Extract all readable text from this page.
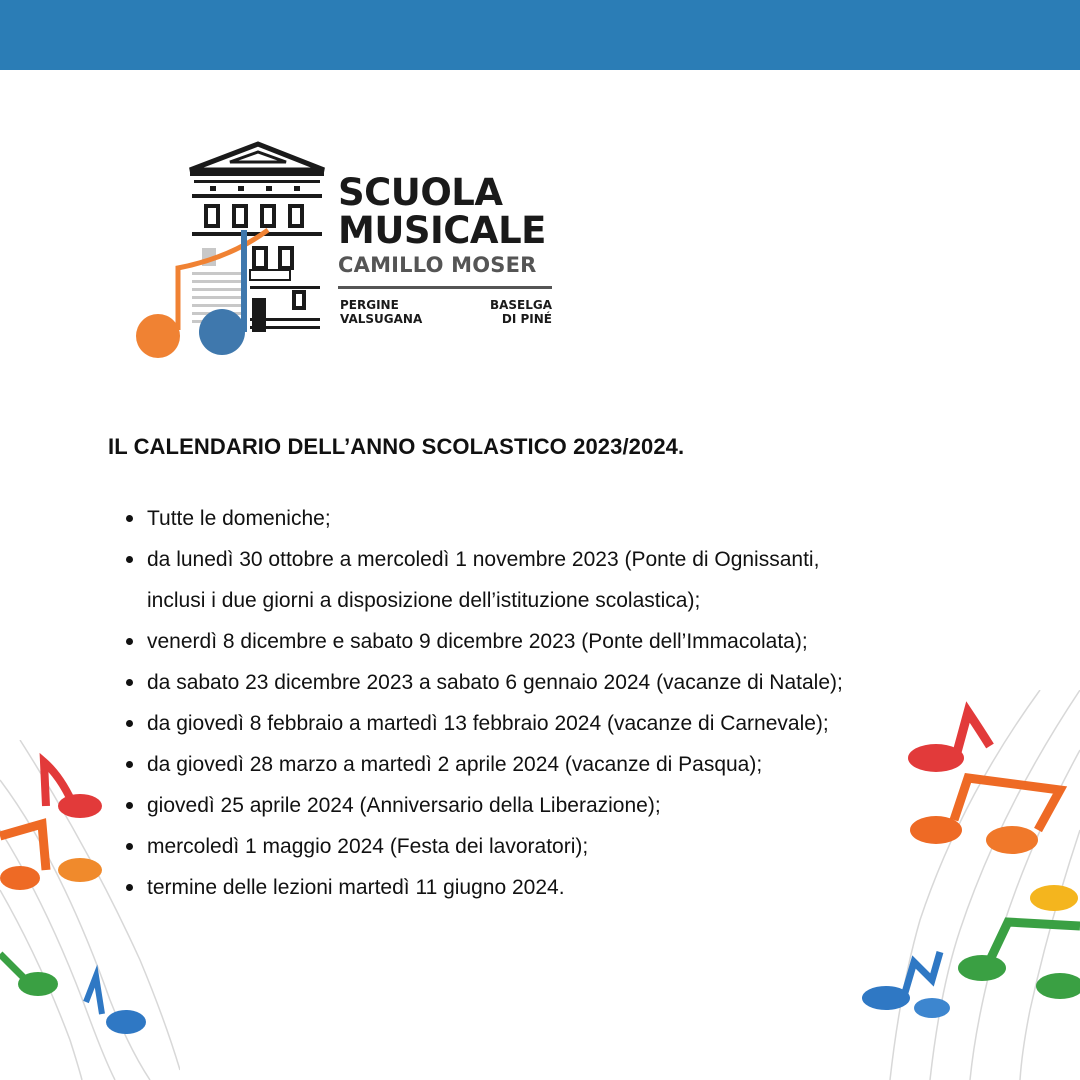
SCUOLA
MUSICALE
CAMILLO MOSER
PERGINE
VALSUGANA
BASELGA
DI PINÉ
IL CALENDARIO DELL’ANNO SCOLASTICO 2023/2024.
Tutte le domeniche;
da lunedì 30 ottobre a mercoledì 1 novembre 2023 (Ponte di Ognissanti,
inclusi i due giorni a disposizione dell’istituzione scolastica);
venerdì 8 dicembre e sabato 9 dicembre 2023 (Ponte dell’Immacolata);
da sabato 23 dicembre 2023 a sabato 6 gennaio 2024 (vacanze di Natale);
da giovedì 8 febbraio a martedì 13 febbraio 2024 (vacanze di Carnevale);
da giovedì 28 marzo a martedì 2 aprile 2024 (vacanze di Pasqua);
giovedì 25 aprile 2024 (Anniversario della Liberazione);
mercoledì 1 maggio 2024 (Festa dei lavoratori);
termine delle lezioni martedì 11 giugno 2024.
